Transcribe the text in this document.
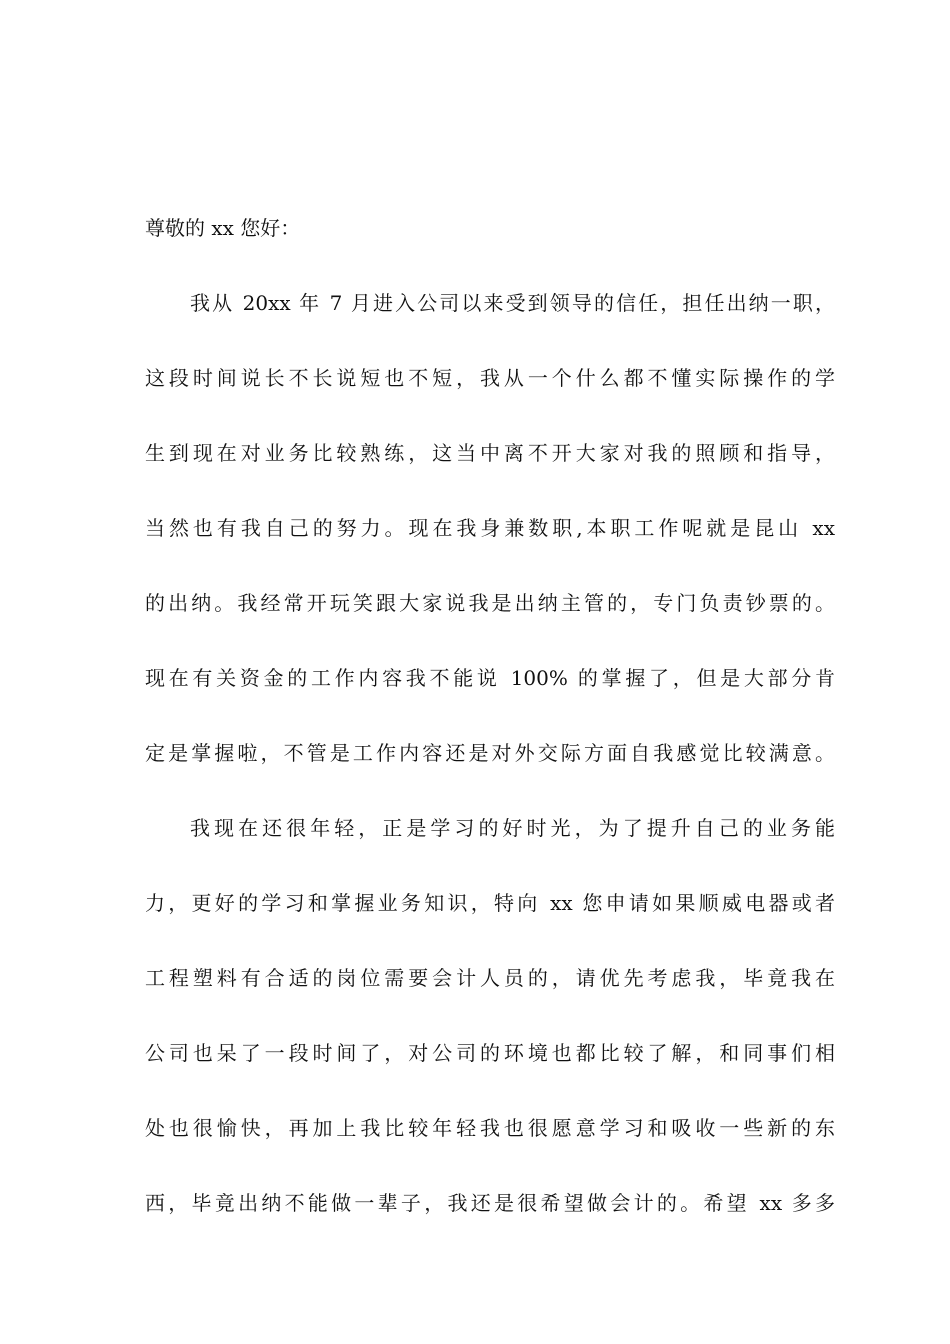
尊敬的 xx 您好：
我从 20xx 年 7 月进入公司以来受到领导的信任，担任出纳一职，
这段时间说长不长说短也不短，我从一个什么都不懂实际操作的学
生到现在对业务比较熟练，这当中离不开大家对我的照顾和指导，
当然也有我自己的努力。现在我身兼数职,本职工作呢就是昆山 xx
的出纳。我经常开玩笑跟大家说我是出纳主管的，专门负责钞票的。
现在有关资金的工作内容我不能说 100% 的掌握了，但是大部分肯
定是掌握啦，不管是工作内容还是对外交际方面自我感觉比较满意。
我现在还很年轻，正是学习的好时光，为了提升自己的业务能
力，更好的学习和掌握业务知识，特向 xx 您申请如果顺威电器或者
工程塑料有合适的岗位需要会计人员的，请优先考虑我，毕竟我在
公司也呆了一段时间了，对公司的环境也都比较了解，和同事们相
处也很愉快，再加上我比较年轻我也很愿意学习和吸收一些新的东
西，毕竟出纳不能做一辈子，我还是很希望做会计的。希望 xx 多多
